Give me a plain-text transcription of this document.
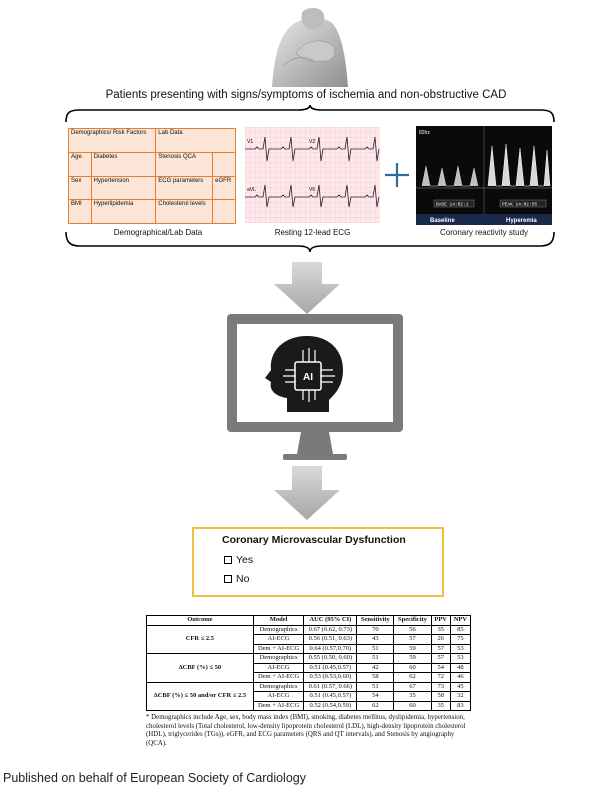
Patients presenting with signs/symptoms of ischemia and non-obstructive CAD
Demographics/ Risk Factors		Lab Data	
Age	Diabetes	Stenosis QCA	
Sex	Hypertension	ECG parameters	eGFR
BMI	Hyperlipidemia	Cholesterol levels	
Demographical/Lab Data
V1	V2
aVL	V6
Resting 12-lead ECG
82hz
BASE 14:02:1	PEAK 14:02:55
Baseline	Hyperemia
Coronary reactivity study
AI
Coronary Microvascular Dysfunction
Yes
No
Outcome	Model	AUC (95% CI)	Sensitivity	Specificity	PPV	NPV
CFR ≤ 2.5	Demographics	0.67 (0.62, 0.73)	70	56	35	85
	AI-ECG	0.56 (0.51, 0.63)	43	57	26	75
	Dem + AI-ECG	0.64 (0.57,0.70)	51	59	57	53
ΔCBF (%) ≤ 50	Demographics	0.55 (0.50, 0.60)	51	59	57	53
	AI-ECG	0.51 (0.45,0.57)	42	60	54	48
	Dem + AI-ECG	0.53 (0.53,0.60)	58	62	72	46
ΔCBF (%) ≤ 50 and/or CFR ≤ 2.5	Demographics	0.61 (0.57, 0.66)	51	67	73	45
	AI-ECG	0.51 (0.45,0.57)	54	35	58	32
	Dem + AI-ECG	0.52 (0.54,0.59)	62	60	35	83
* Demographics include Age, sex, body mass index (BMI), smoking, diabetes mellitus, dyslipidemia, hypertension, cholesterol levels (Total cholesterol, low-density lipoprotein cholesterol (LDL), high-density lipoprotein cholesterol (HDL), triglycerides (TGs)), eGFR, and ECG parameters (QRS and QT intervals), and Stenosis by angiography (QCA).
Published on behalf of European Society of Cardiology
